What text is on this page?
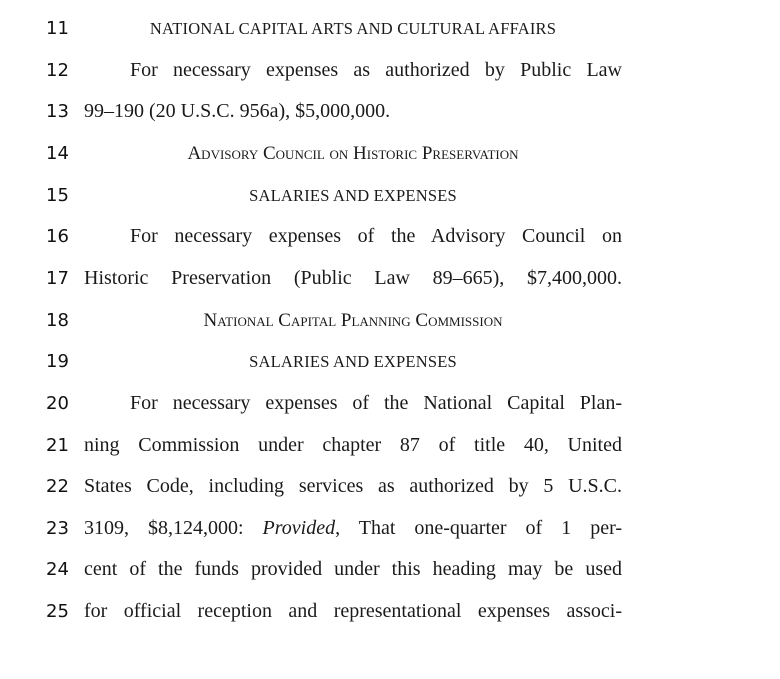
11	NATIONAL CAPITAL ARTS AND CULTURAL AFFAIRS
12	For necessary expenses as authorized by Public Law
13 99–190 (20 U.S.C. 956a), $5,000,000.
14	Advisory Council on Historic Preservation
15	SALARIES AND EXPENSES
16	For necessary expenses of the Advisory Council on
17 Historic Preservation (Public Law 89–665), $7,400,000.
18	National Capital Planning Commission
19	SALARIES AND EXPENSES
20	For necessary expenses of the National Capital Plan-
21 ning Commission under chapter 87 of title 40, United
22 States Code, including services as authorized by 5 U.S.C.
23 3109, $8,124,000: Provided, That one-quarter of 1 per-
24 cent of the funds provided under this heading may be used
25 for official reception and representational expenses associ-
